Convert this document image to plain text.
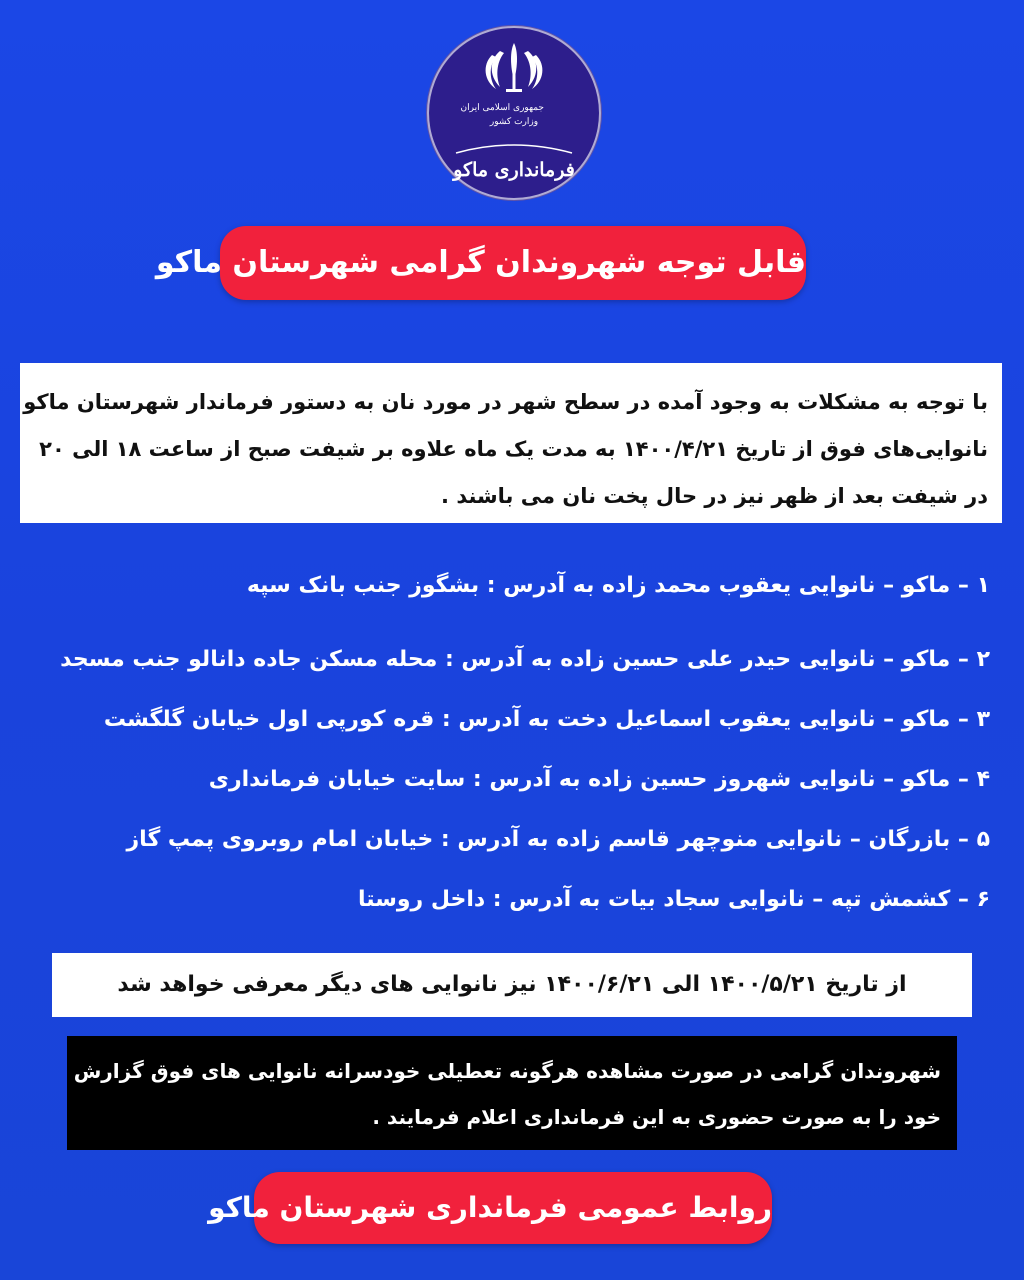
جمهوری اسلامی ایران
وزارت کشور
فرمانداری ماکو
قابل توجه شهروندان گرامی شهرستان ماکو
با توجه به مشکلات به وجود آمده در سطح شهر در مورد نان به دستور فرماندار شهرستان ماکو
نانوایی‌های فوق از تاریخ ۱۴۰۰/۴/۲۱ به مدت یک ماه علاوه بر شیفت صبح از ساعت ۱۸ الی ۲۰
در شیفت بعد از ظهر نیز در حال پخت نان می باشند .
۱ – ماکو – نانوایی یعقوب محمد زاده به آدرس : بشگوز جنب بانک سپه
۲ – ماکو – نانوایی حیدر علی حسین زاده به آدرس : محله مسکن جاده دانالو جنب مسجد
۳ – ماکو – نانوایی یعقوب اسماعیل دخت به آدرس : قره کورپی اول خیابان گلگشت
۴ – ماکو – نانوایی شهروز حسین زاده به آدرس : سایت خیابان فرمانداری
۵ – بازرگان – نانوایی منوچهر قاسم زاده به آدرس : خیابان امام روبروی پمپ گاز
۶ – کشمش تپه – نانوایی سجاد بیات به آدرس : داخل روستا
از تاریخ ۱۴۰۰/۵/۲۱ الی ۱۴۰۰/۶/۲۱ نیز نانوایی های دیگر معرفی خواهد شد
شهروندان گرامی در صورت مشاهده هرگونه تعطیلی خودسرانه نانوایی های فوق گزارش
خود را به صورت حضوری به این فرمانداری اعلام فرمایند .
روابط عمومی فرمانداری شهرستان ماکو
